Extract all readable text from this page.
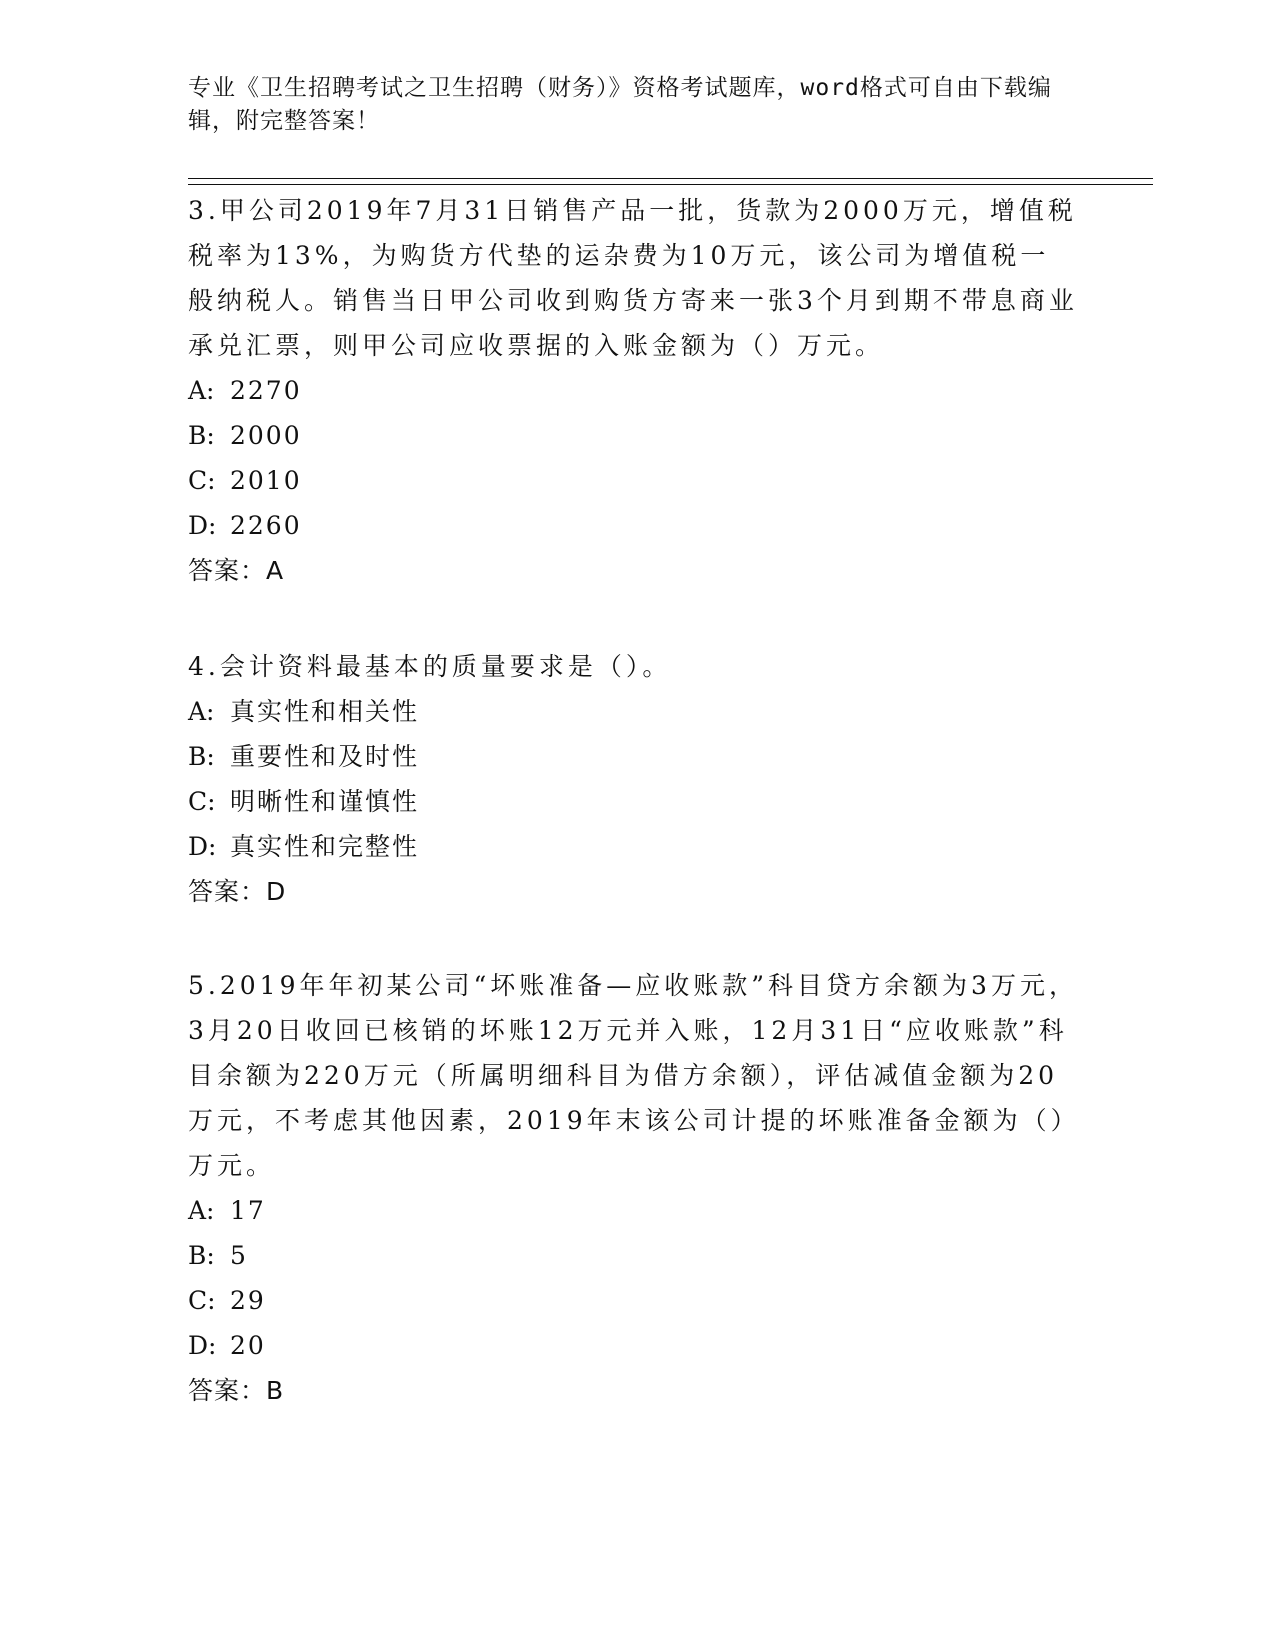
专业《卫生招聘考试之卫生招聘（财务）》资格考试题库，word格式可自由下载编辑，附完整答案！

3.甲公司2019年7月31日销售产品一批，货款为2000万元，增值税税率为13%，为购货方代垫的运杂费为10万元，该公司为增值税一般纳税人。销售当日甲公司收到购货方寄来一张3个月到期不带息商业承兑汇票，则甲公司应收票据的入账金额为（）万元。

A: 2270

B: 2000

C: 2010

D: 2260

答案：A

4.会计资料最基本的质量要求是（）。

A: 真实性和相关性

B: 重要性和及时性

C: 明晰性和谨慎性

D: 真实性和完整性

答案：D

5.2019年年初某公司“坏账准备—应收账款”科目贷方余额为3万元，3月20日收回已核销的坏账12万元并入账，12月31日“应收账款”科目余额为220万元（所属明细科目为借方余额），评估减值金额为20万元，不考虑其他因素，2019年末该公司计提的坏账准备金额为（）万元。

A: 17

B: 5

C: 29

D: 20

答案：B
